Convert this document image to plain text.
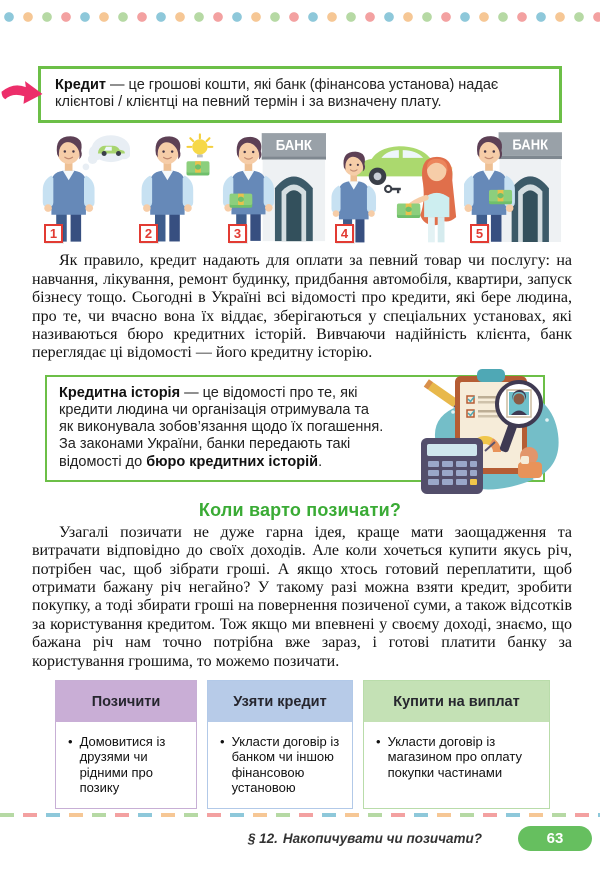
Кредит — це грошові кошти, які банк (фінансова установа) надає клієнтові / клієнтці на певний термін і за визначену плату.
1	2
БАНК
3	4
БАНК
5

Як правило, кредит надають для оплати за певний товар чи послугу: на навчання, лікування, ремонт будинку, придбання автомобіля, квартири, запуск бізнесу тощо. Сьогодні в Україні всі відомості про кредити, які бере людина, про те, чи вчасно вона їх віддає, зберігаються у спеціальних установах, які називаються бюро кредитних історій. Вивчаючи надійність клієнта, банк переглядає ці відомості — його кредитну історію.

Кредитна історія — це відомості про те, які кредити людина чи організація отримувала та як виконувала зобов’язання щодо їх погашення. За законами України, банки передають такі відомості до бюро кредитних історій.
Коли варто позичати?

Узагалі позичати не дуже гарна ідея, краще мати заощадження та витрачати відповідно до своїх доходів. Але коли хочеться купити якусь річ, потрібен час, щоб зібрати гроші. А якщо хтось готовий переплатити, щоб отримати бажану річ негайно? У такому разі можна взяти кредит, зробити покупку, а тоді збирати гроші на повернення позиченої суми, а також відсотків за користування кредитом. Тож якщо ми впевнені у своєму доході, знаємо, що бажана річ нам точно потрібна вже зараз, і готові платити банку за користування грошима, то можемо позичати.

Позичити
• Домовитися із друзями чи рідними про позику
Узяти кредит
• Укласти договір із банком чи іншою фінансовою установою
Купити на виплат
• Укласти договір із магазином про оплату покупки частинами
§ 12. Накопичувати чи позичати?	63
